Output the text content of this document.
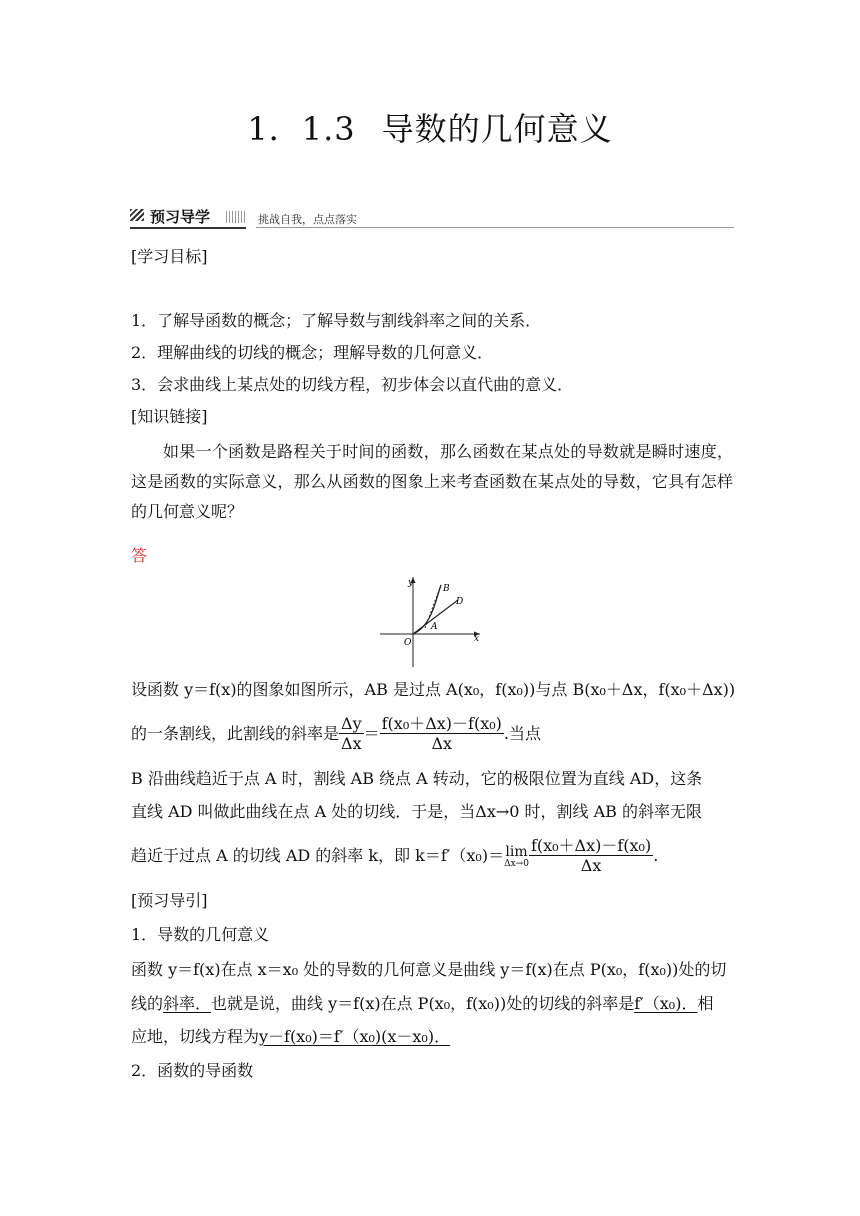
1．1.3 导数的几何意义
预习导学	挑战自我，点点落实
[学习目标]
1．了解导函数的概念；了解导数与割线斜率之间的关系．
2．理解曲线的切线的概念；理解导数的几何意义．
3．会求曲线上某点处的切线方程，初步体会以直代曲的意义．
[知识链接]
如果一个函数是路程关于时间的函数，那么函数在某点处的导数就是瞬时速度，这是函数的实际意义，那么从函数的图象上来考查函数在某点处的导数，它具有怎样的几何意义呢？
答
y
x
O
A
B
D
设函数 y＝f(x)的图象如图所示，AB 是过点 A(x₀，f(x₀))与点 B(x₀＋Δx，f(x₀＋Δx))
的一条割线，此割线的斜率是 $\frac{\Delta y}{\Delta x} = \frac{\text{f(x₀＋Δx)－f(x₀)}}{\Delta x}$ .当点
B 沿曲线趋近于点 A 时，割线 AB 绕点 A 转动，它的极限位置为直线 AD，这条
直线 AD 叫做此曲线在点 A 处的切线．于是，当Δx→0 时，割线 AB 的斜率无限
趋近于过点 A 的切线 AD 的斜率 k，即 k＝f′（x₀)＝lim
$\Delta x\to 0 \frac{\text{f(x₀＋Δx)－f(x₀)}}{\Delta x}$ .
[预习导引]
1．导数的几何意义
函数 y＝f(x)在点 x＝x₀ 处的导数的几何意义是曲线 y＝f(x)在点 P(x₀，f(x₀))处的切
线的斜率．也就是说，曲线 y＝f(x)在点 P(x₀，f(x₀))处的切线的斜率是f′（x₀)．相
应地，切线方程为y－f(x₀)＝f′（x₀)(x－x₀)．
2．函数的导函数
